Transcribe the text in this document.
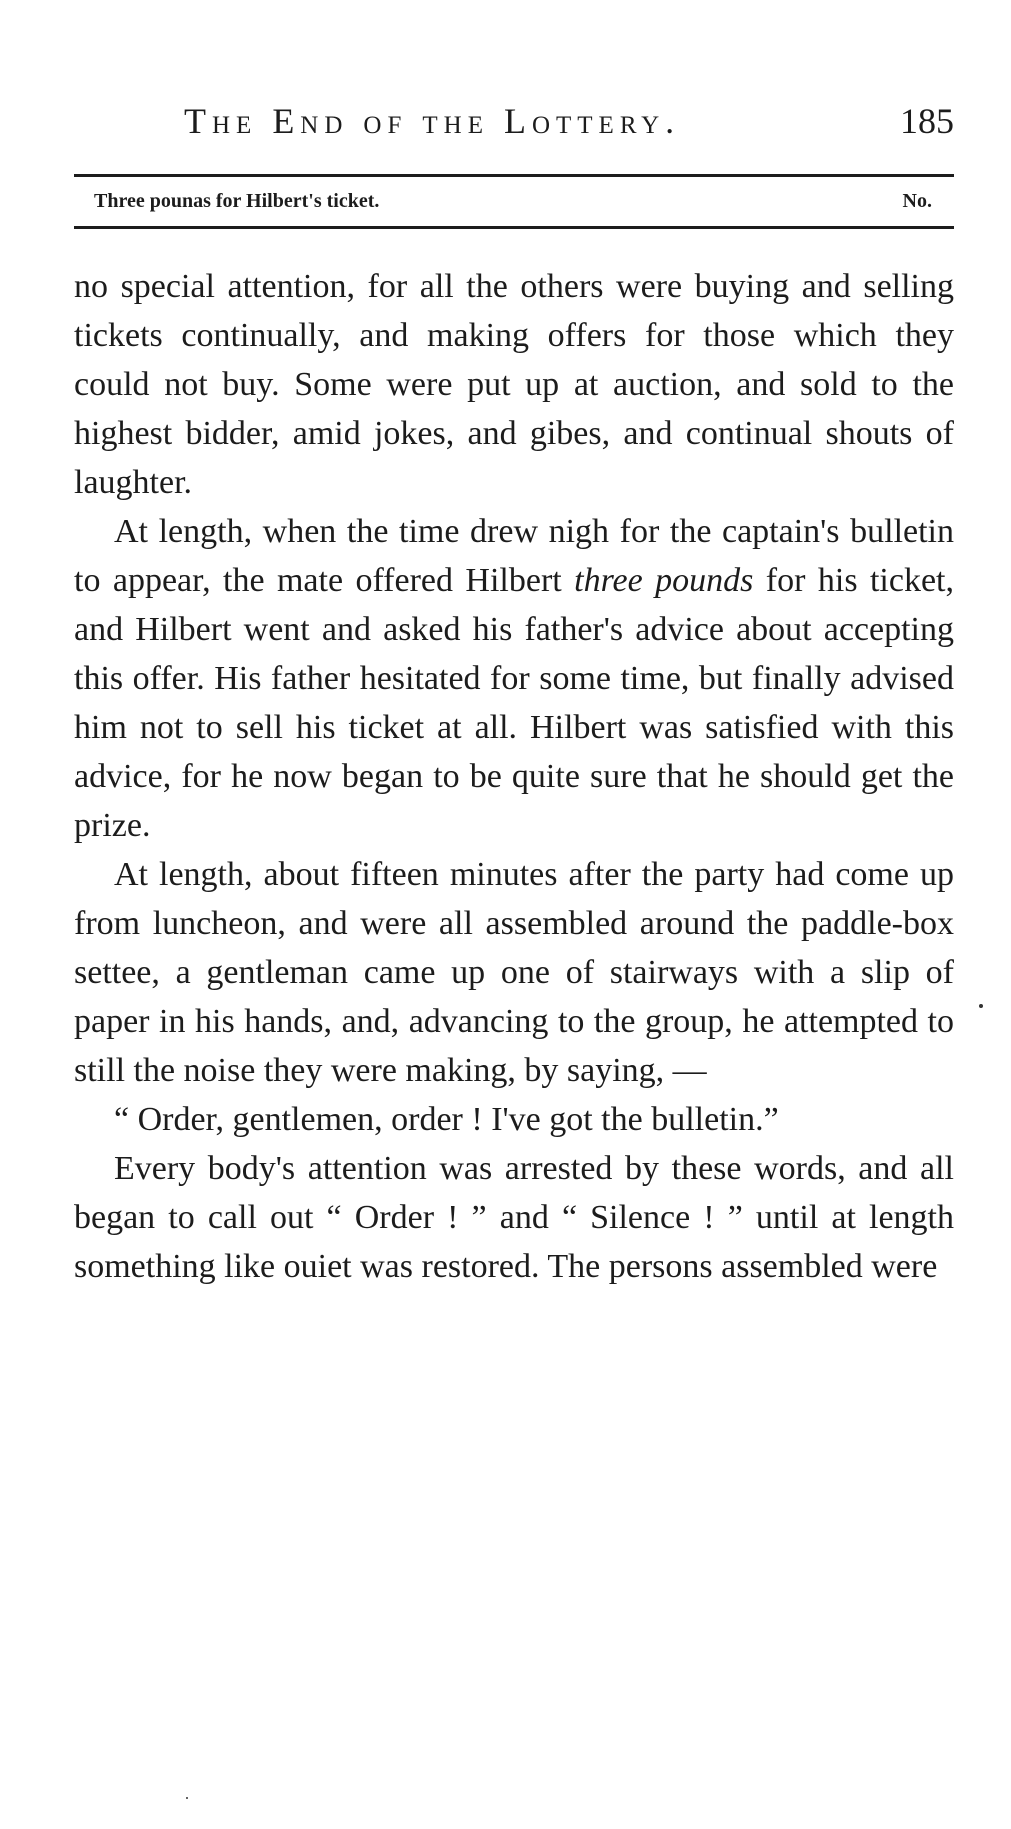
The End of the Lottery.	185
Three pounas for Hilbert's ticket.	No.

no special attention, for all the others were buying and selling tickets continually, and making offers for those which they could not buy. Some were put up at auction, and sold to the highest bidder, amid jokes, and gibes, and continual shouts of laughter.

At length, when the time drew nigh for the captain's bulletin to appear, the mate offered Hilbert three pounds for his ticket, and Hilbert went and asked his father's advice about accepting this offer. His father hesitated for some time, but finally advised him not to sell his ticket at all. Hilbert was satisfied with this advice, for he now began to be quite sure that he should get the prize.

At length, about fifteen minutes after the party had come up from luncheon, and were all assembled around the paddle-box settee, a gentleman came up one of stairways with a slip of paper in his hands, and, advancing to the group, he attempted to still the noise they were making, by saying, —

“ Order, gentlemen, order ! I've got the bulletin.”

Every body's attention was arrested by these words, and all began to call out “ Order ! ” and “ Silence ! ” until at length something like ouiet was restored. The persons assembled were
